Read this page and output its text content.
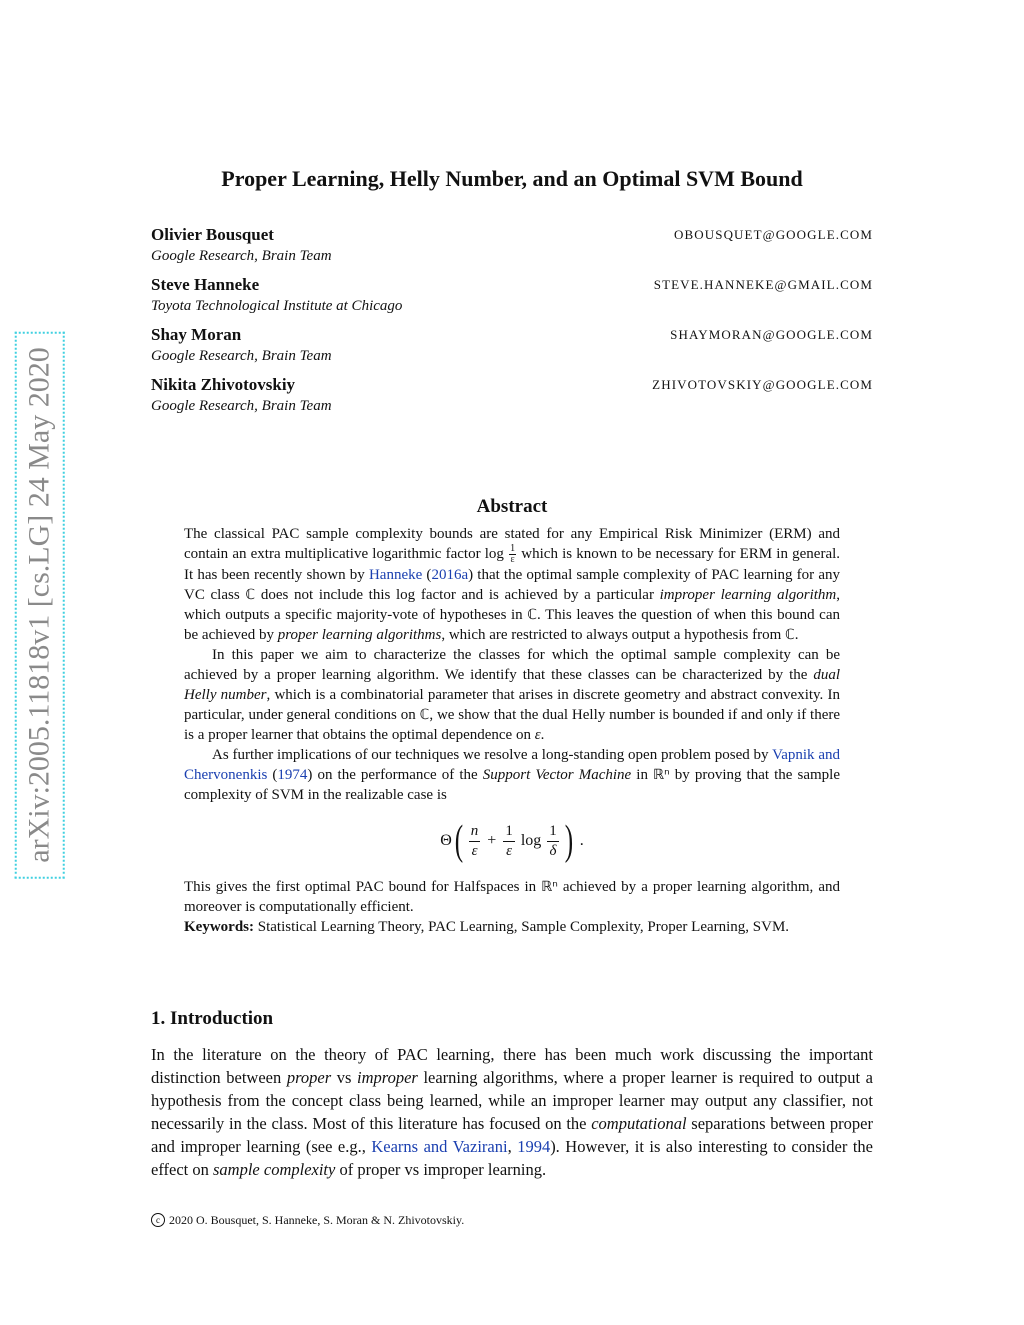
arXiv:2005.11818v1 [cs.LG] 24 May 2020
Proper Learning, Helly Number, and an Optimal SVM Bound
Olivier Bousquet
Google Research, Brain Team
OBOUSQUET@GOOGLE.COM
Steve Hanneke
Toyota Technological Institute at Chicago
STEVE.HANNEKE@GMAIL.COM
Shay Moran
Google Research, Brain Team
SHAYMORAN@GOOGLE.COM
Nikita Zhivotovskiy
Google Research, Brain Team
ZHIVOTOVSKIY@GOOGLE.COM
Abstract

The classical PAC sample complexity bounds are stated for any Empirical Risk Minimizer (ERM) and contain an extra multiplicative logarithmic factor $\log \frac{1}{\varepsilon}$ which is known to be necessary for ERM in general. It has been recently shown by Hanneke (2016a) that the optimal sample complexity of PAC learning for any VC class ℂ does not include this log factor and is achieved by a particular improper learning algorithm, which outputs a specific majority-vote of hypotheses in ℂ. This leaves the question of when this bound can be achieved by proper learning algorithms, which are restricted to always output a hypothesis from ℂ.

In this paper we aim to characterize the classes for which the optimal sample complexity can be achieved by a proper learning algorithm. We identify that these classes can be characterized by the dual Helly number, which is a combinatorial parameter that arises in discrete geometry and abstract convexity. In particular, under general conditions on ℂ, we show that the dual Helly number is bounded if and only if there is a proper learner that obtains the optimal dependence on ε.

As further implications of our techniques we resolve a long-standing open problem posed by Vapnik and Chervonenkis (1974) on the performance of the Support Vector Machine in ℝⁿ by proving that the sample complexity of SVM in the realizable case is

Θ ( $\frac{n}{\varepsilon} + \frac{1}{\varepsilon}$ $\log \frac{1}{\delta}$ ) .

This gives the first optimal PAC bound for Halfspaces in ℝⁿ achieved by a proper learning algorithm, and moreover is computationally efficient.

Keywords: Statistical Learning Theory, PAC Learning, Sample Complexity, Proper Learning, SVM.

1. Introduction

In the literature on the theory of PAC learning, there has been much work discussing the important distinction between proper vs improper learning algorithms, where a proper learner is required to output a hypothesis from the concept class being learned, while an improper learner may output any classifier, not necessarily in the class. Most of this literature has focused on the computational separations between proper and improper learning (see e.g., Kearns and Vazirani, 1994). However, it is also interesting to consider the effect on sample complexity of proper vs improper learning.

c 2020 O. Bousquet, S. Hanneke, S. Moran & N. Zhivotovskiy.
